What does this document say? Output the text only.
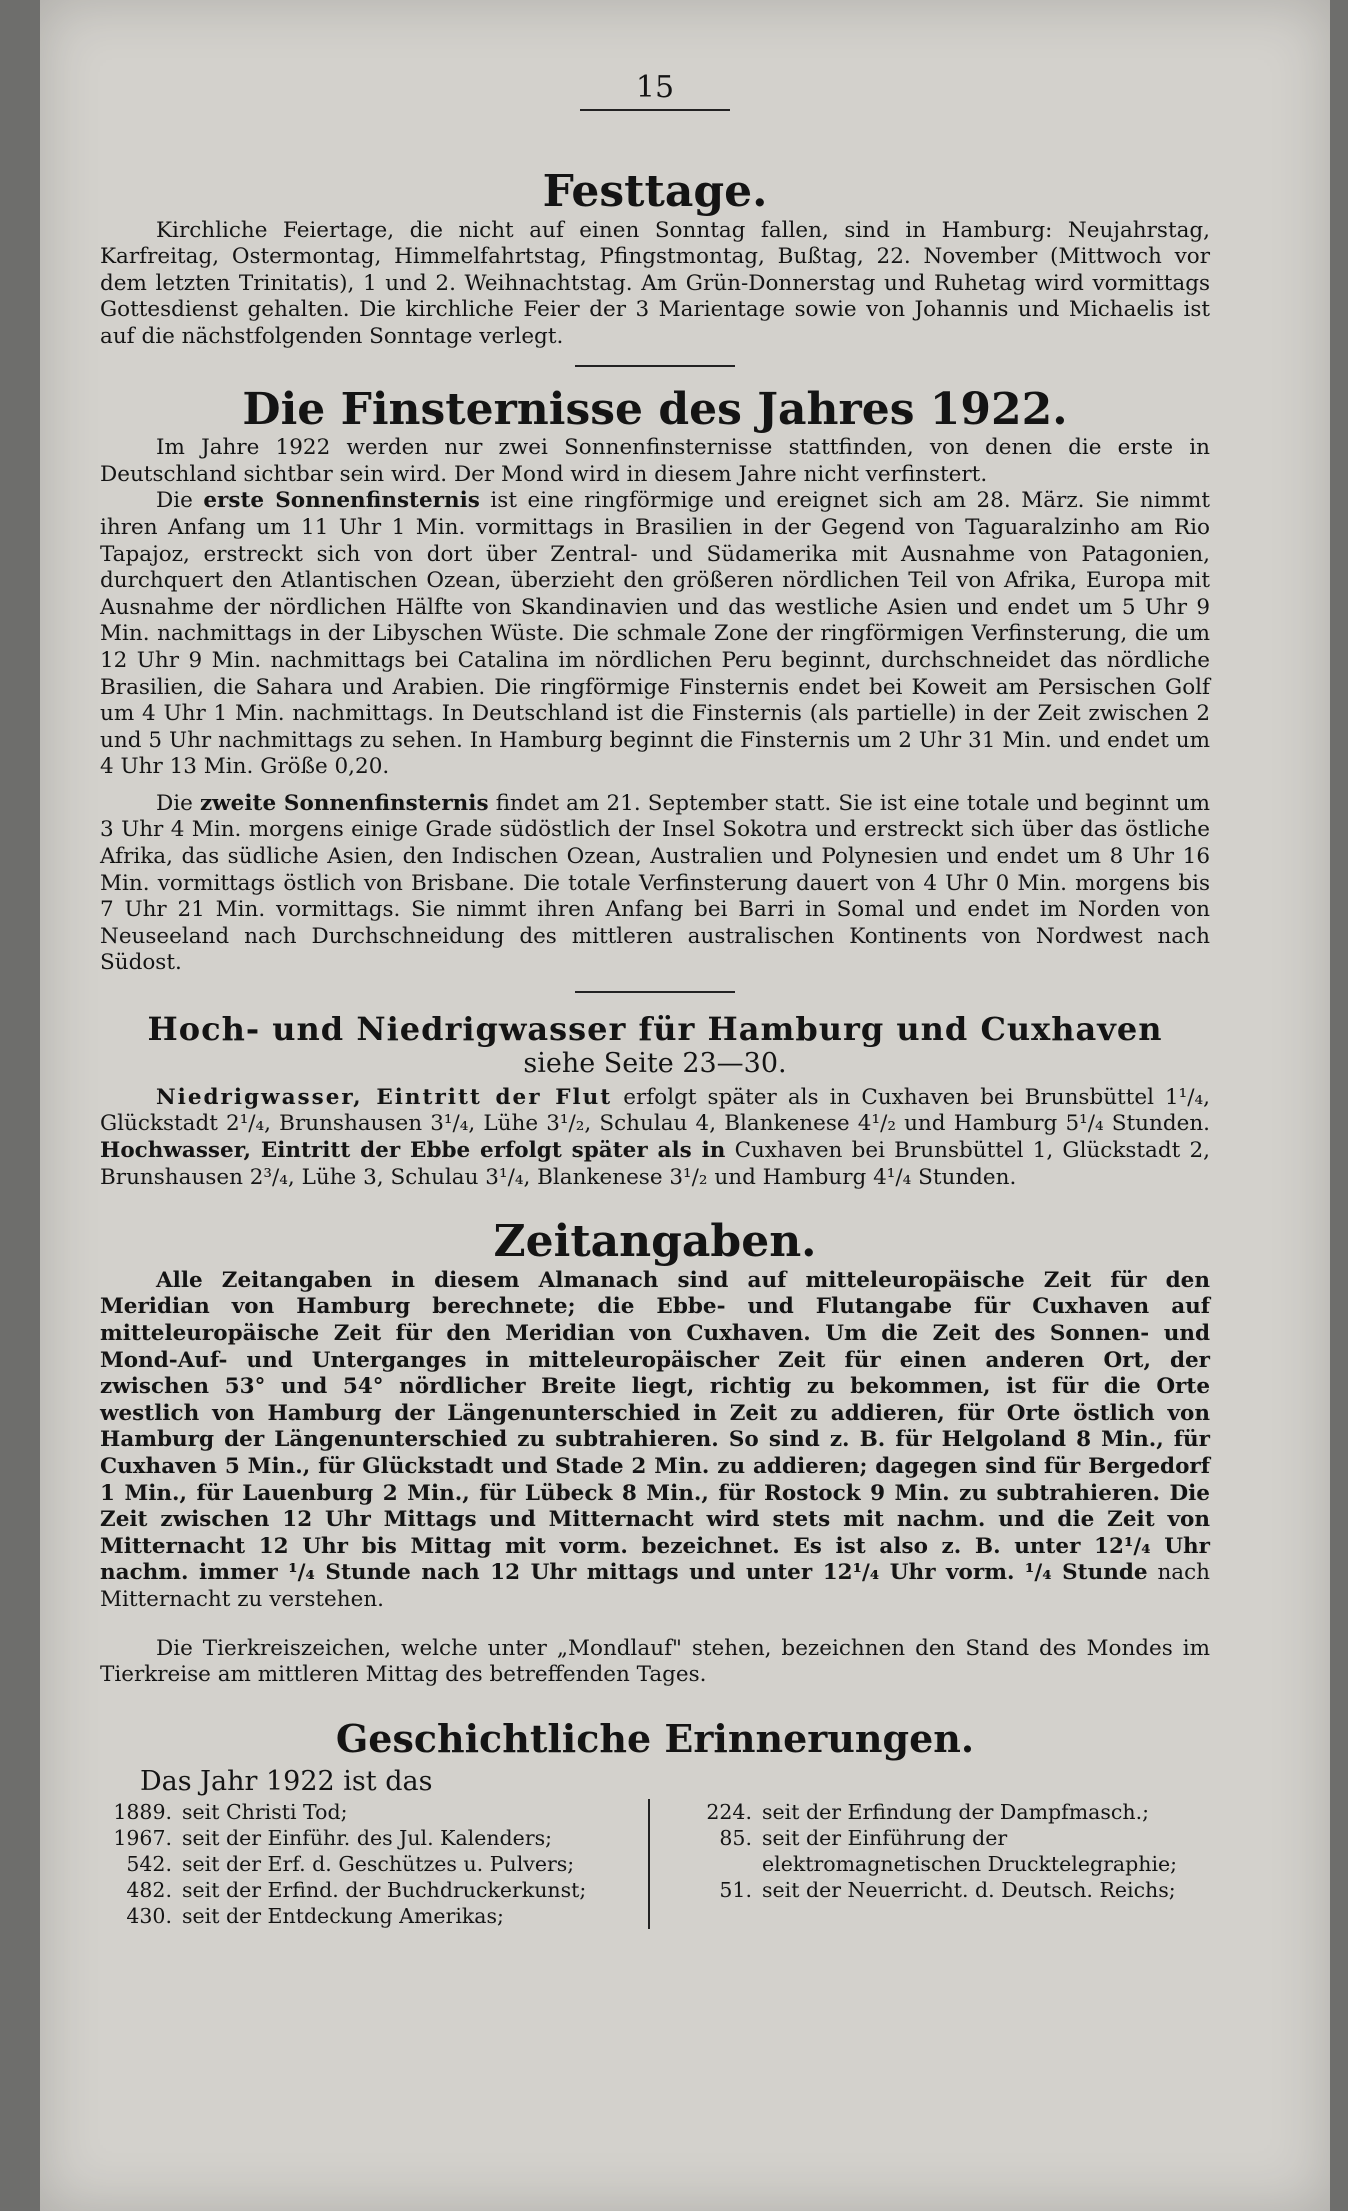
15
Festtage.

Kirchliche Feiertage, die nicht auf einen Sonntag fallen, sind in Hamburg: Neujahrstag, Karfreitag, Ostermontag, Himmelfahrtstag, Pfingstmontag, Bußtag, 22. November (Mittwoch vor dem letzten Trinitatis), 1 und 2. Weihnachtstag. Am Grün-Donnerstag und Ruhetag wird vormittags Gottesdienst gehalten. Die kirchliche Feier der 3 Marientage sowie von Johannis und Michaelis ist auf die nächstfolgenden Sonntage verlegt.

Die Finsternisse des Jahres 1922.

Im Jahre 1922 werden nur zwei Sonnenfinsternisse stattfinden, von denen die erste in Deutschland sichtbar sein wird. Der Mond wird in diesem Jahre nicht verfinstert.

Die erste Sonnenfinsternis ist eine ringförmige und ereignet sich am 28. März. Sie nimmt ihren Anfang um 11 Uhr 1 Min. vormittags in Brasilien in der Gegend von Taguaralzinho am Rio Tapajoz, erstreckt sich von dort über Zentral- und Südamerika mit Ausnahme von Patagonien, durchquert den Atlantischen Ozean, überzieht den größeren nördlichen Teil von Afrika, Europa mit Ausnahme der nördlichen Hälfte von Skandinavien und das westliche Asien und endet um 5 Uhr 9 Min. nachmittags in der Libyschen Wüste. Die schmale Zone der ringförmigen Verfinsterung, die um 12 Uhr 9 Min. nachmittags bei Catalina im nördlichen Peru beginnt, durchschneidet das nördliche Brasilien, die Sahara und Arabien. Die ringförmige Finsternis endet bei Koweit am Persischen Golf um 4 Uhr 1 Min. nachmittags. In Deutschland ist die Finsternis (als partielle) in der Zeit zwischen 2 und 5 Uhr nachmittags zu sehen. In Hamburg beginnt die Finsternis um 2 Uhr 31 Min. und endet um 4 Uhr 13 Min. Größe 0,20.

Die zweite Sonnenfinsternis findet am 21. September statt. Sie ist eine totale und beginnt um 3 Uhr 4 Min. morgens einige Grade südöstlich der Insel Sokotra und erstreckt sich über das östliche Afrika, das südliche Asien, den Indischen Ozean, Australien und Polynesien und endet um 8 Uhr 16 Min. vormittags östlich von Brisbane. Die totale Verfinsterung dauert von 4 Uhr 0 Min. morgens bis 7 Uhr 21 Min. vormittags. Sie nimmt ihren Anfang bei Barri in Somal und endet im Norden von Neuseeland nach Durchschneidung des mittleren australischen Kontinents von Nordwest nach Südost.

Hoch- und Niedrigwasser für Hamburg und Cuxhaven
siehe Seite 23—30.

Niedrigwasser, Eintritt der Flut erfolgt später als in Cuxhaven bei Brunsbüttel 1¹/₄, Glückstadt 2¹/₄, Brunshausen 3¹/₄, Lühe 3¹/₂, Schulau 4, Blankenese 4¹/₂ und Hamburg 5¹/₄ Stunden. Hochwasser, Eintritt der Ebbe erfolgt später als in Cuxhaven bei Brunsbüttel 1, Glückstadt 2, Brunshausen 2³/₄, Lühe 3, Schulau 3¹/₄, Blankenese 3¹/₂ und Hamburg 4¹/₄ Stunden.

Zeitangaben.

Alle Zeitangaben in diesem Almanach sind auf mitteleuropäische Zeit für den Meridian von Hamburg berechnete; die Ebbe- und Flutangabe für Cuxhaven auf mitteleuropäische Zeit für den Meridian von Cuxhaven. Um die Zeit des Sonnen- und Mond-Auf- und Unterganges in mitteleuropäischer Zeit für einen anderen Ort, der zwischen 53° und 54° nördlicher Breite liegt, richtig zu bekommen, ist für die Orte westlich von Hamburg der Längenunterschied in Zeit zu addieren, für Orte östlich von Hamburg der Längenunterschied zu subtrahieren. So sind z. B. für Helgoland 8 Min., für Cuxhaven 5 Min., für Glückstadt und Stade 2 Min. zu addieren; dagegen sind für Bergedorf 1 Min., für Lauenburg 2 Min., für Lübeck 8 Min., für Rostock 9 Min. zu subtrahieren. Die Zeit zwischen 12 Uhr Mittags und Mitternacht wird stets mit nachm. und die Zeit von Mitternacht 12 Uhr bis Mittag mit vorm. bezeichnet. Es ist also z. B. unter 12¹/₄ Uhr nachm. immer ¹/₄ Stunde nach 12 Uhr mittags und unter 12¹/₄ Uhr vorm. ¹/₄ Stunde nach Mitternacht zu verstehen.

Die Tierkreiszeichen, welche unter „Mondlauf" stehen, bezeichnen den Stand des Mondes im Tierkreise am mittleren Mittag des betreffenden Tages.

Geschichtliche Erinnerungen.
Das Jahr 1922 ist das
1889. seit Christi Tod;
1967. seit der Einführ. des Jul. Kalenders;
542. seit der Erf. d. Geschützes u. Pulvers;
482. seit der Erfind. der Buchdruckerkunst;
430. seit der Entdeckung Amerikas;
224. seit der Erfindung der Dampfmasch.;
85. seit der Einführung der elektromagnetischen Drucktelegraphie;
51. seit der Neuerricht. d. Deutsch. Reichs;
